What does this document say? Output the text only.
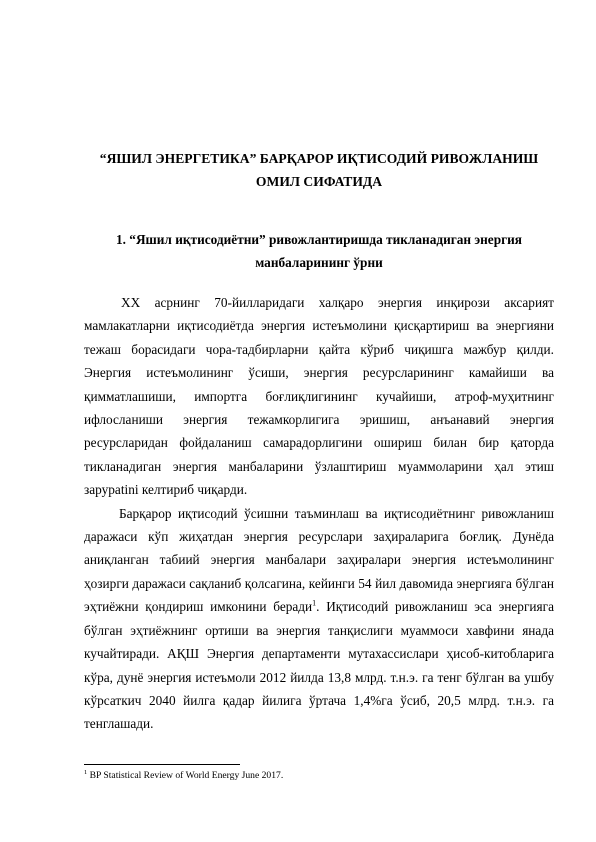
“ЯШИЛ ЭНЕРГЕТИКА” БАРҚАРОР ИҚТИСОДИЙ РИВОЖЛАНИШ
ОМИЛ СИФАТИДА
1. “Яшил иқтисодиётни” ривожлантиришда тикланадиган энергия
манбаларининг ўрни

XX асрнинг 70-йилларидаги халқаро энергия инқирози аксарият мамлакатларни иқтисодиётда энергия истеъмолини қисқартириш ва энергияни тежаш борасидаги чора-тадбирларни қайта кўриб чиқишга мажбур қилди. Энергия истеъмолининг ўсиши, энергия ресурсларининг камайиши ва қимматлашиши, импортга боғлиқлигининг кучайиши, атроф-муҳитнинг ифлосланиши энергия тежамкорлигига эришиш, анъанавий энергия ресурсларидан фойдаланиш самарадорлигини ошириш билан бир қаторда тикланадиган энергия манбаларини ўзлаштириш муаммоларини ҳал этиш зарурatini келтириб чиқарди.

Барқарор иқтисодий ўсишни таъминлаш ва иқтисодиётнинг ривожланиш даражаси кўп жиҳатдан энергия ресурслари заҳираларига боғлиқ. Дунёда аниқланган табиий энергия манбалари заҳиралари энергия истеъмолининг ҳозирги даражаси сақланиб қолсагина, кейинги 54 йил давомида энергияга бўлган эҳтиёжни қондириш имконини беради$^1$. Иқтисодий ривожланиш эса энергияга бўлган эҳтиёжнинг ортиши ва энергия танқислиги муаммоси хавфини янада кучайтиради. АҚШ Энергия департаменти мутахассислари ҳисоб-китобларига кўра, дунё энергия истеъмоли 2012 йилда 13,8 млрд. т.н.э. га тенг бўлган ва ушбу кўрсаткич 2040 йилга қадар йилига ўртача 1,4%га ўсиб, 20,5 млрд. т.н.э. га тенглашади.

$^1$ BP Statistical Review of World Energy June 2017.
